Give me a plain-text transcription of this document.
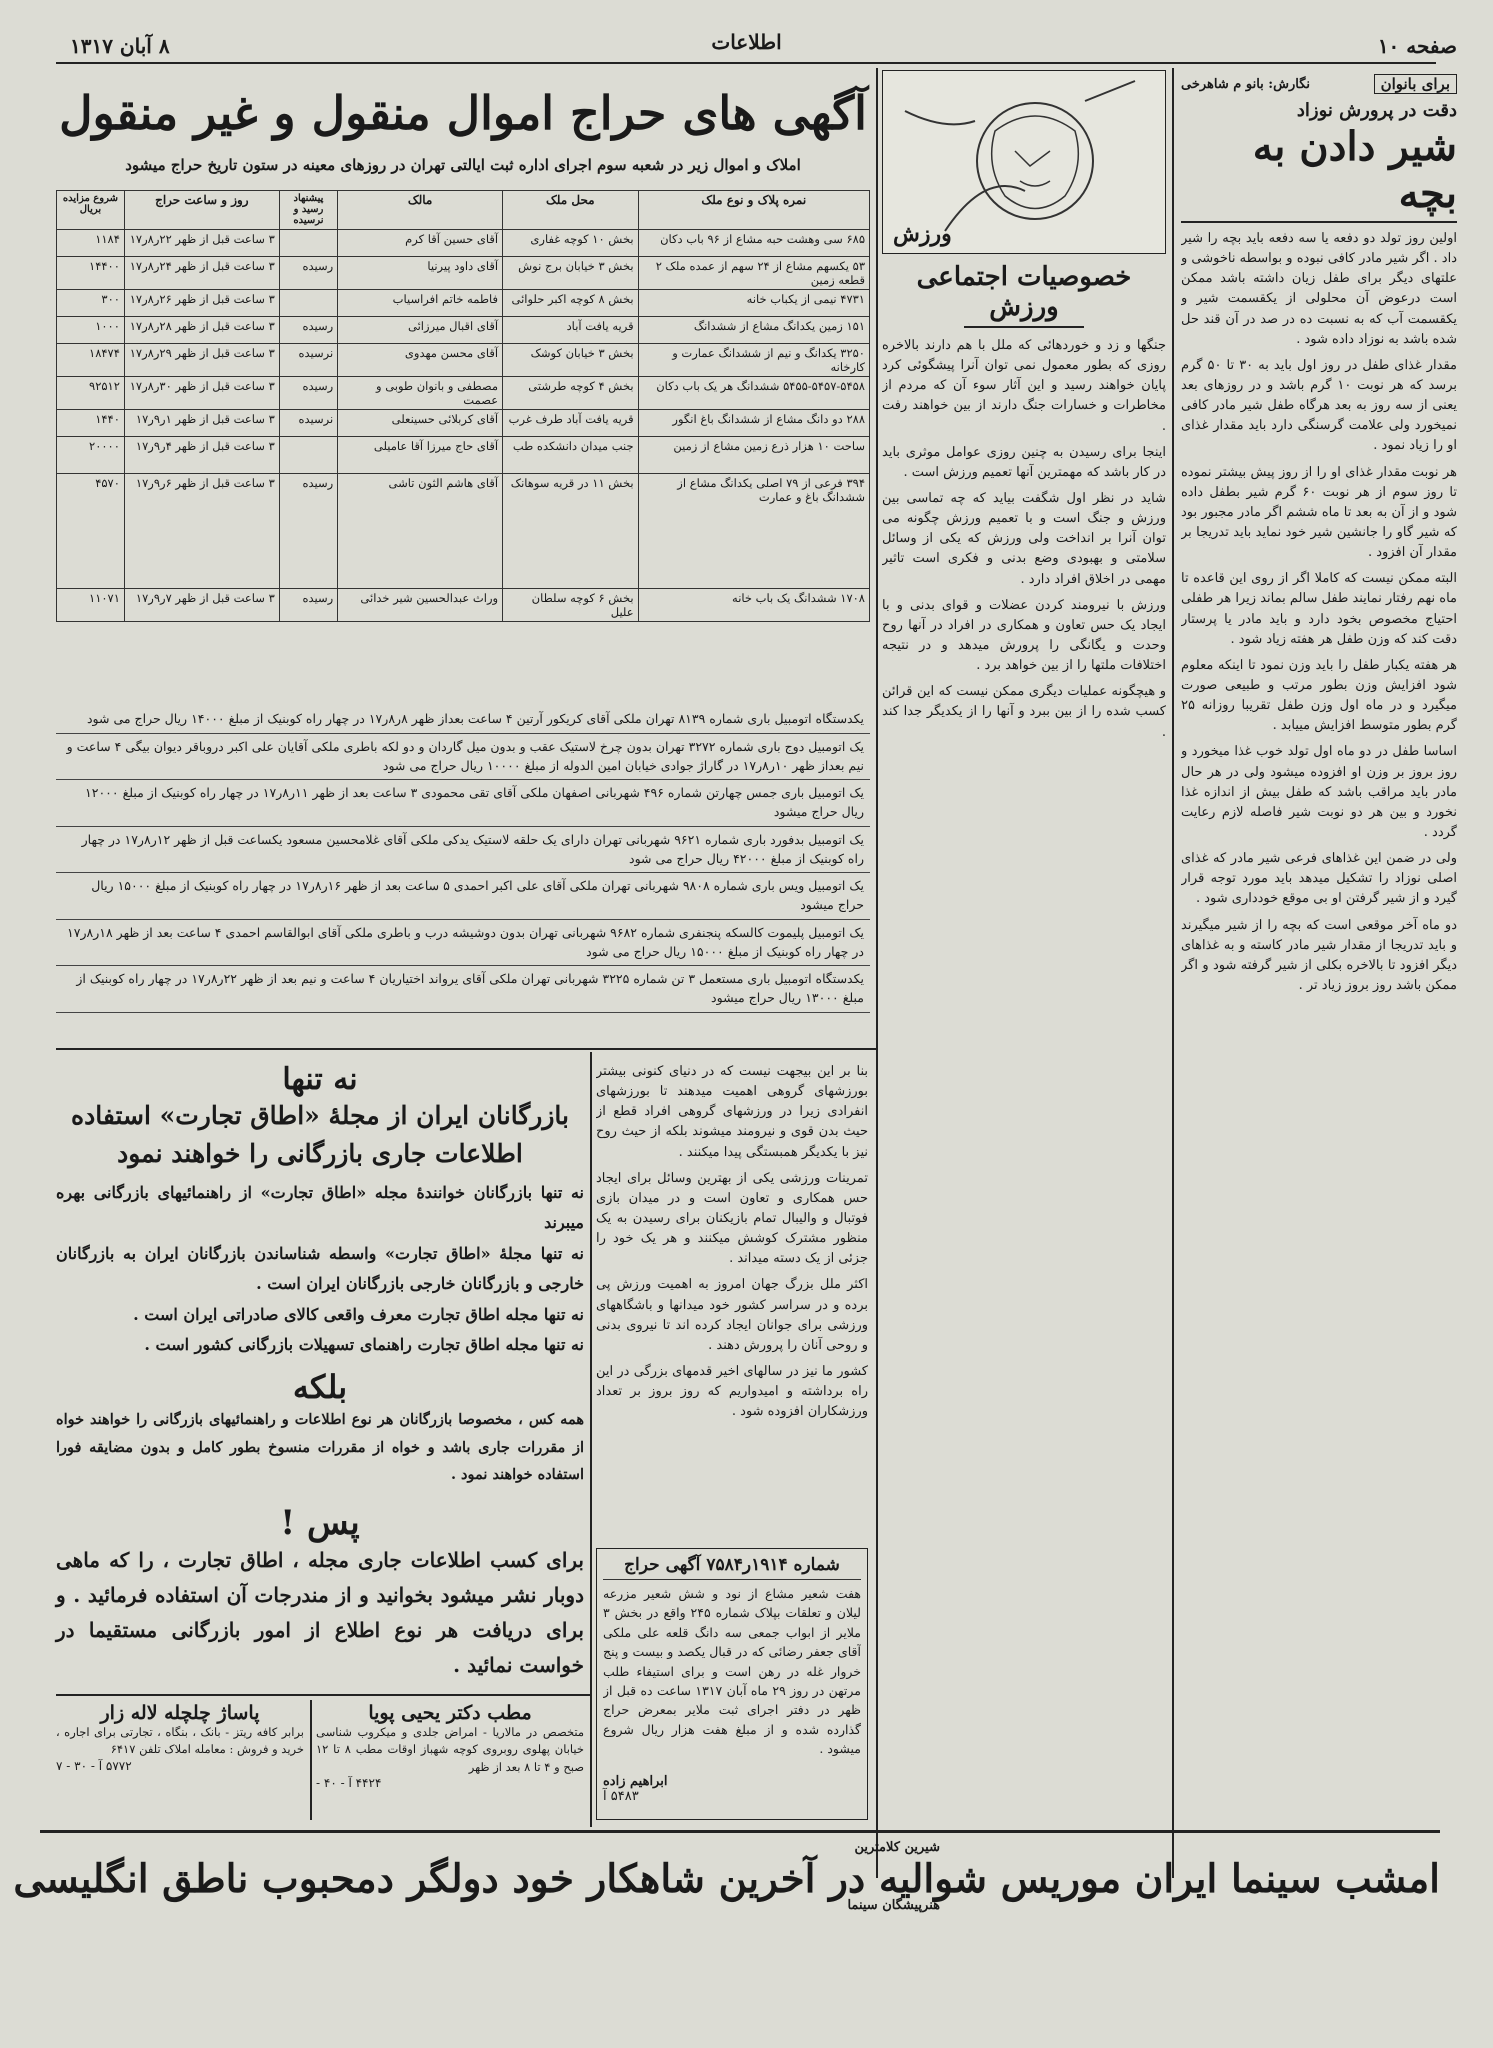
صفحه ۱۰
اطلاعات
۸ آبان ۱۳۱۷
برای بانوان
نگارش: بانو م شاهرخی
دقت در پرورش نوزاد
شیر دادن به بچه

اولین روز تولد دو دفعه یا سه دفعه باید بچه را شیر داد . اگر شیر مادر کافی نبوده و بواسطه ناخوشی و علتهای دیگر برای طفل زیان داشته باشد ممکن است درعوض آن محلولی از یکقسمت شیر و یکقسمت آب که به نسبت ده در صد در آن قند حل شده باشد به نوزاد داده شود .

مقدار غذای طفل در روز اول باید به ۳۰ تا ۵۰ گرم برسد که هر نوبت ۱۰ گرم باشد و در روزهای بعد یعنی از سه روز به بعد هرگاه طفل شیر مادر کافی نمیخورد ولی علامت گرسنگی دارد باید مقدار غذای او را زیاد نمود .

هر نوبت مقدار غذای او را از روز پیش بیشتر نموده تا روز سوم از هر نوبت ۶۰ گرم شیر بطفل داده شود و از آن به بعد تا ماه ششم اگر مادر مجبور بود که شیر گاو را جانشین شیر خود نماید باید تدریجا بر مقدار آن افزود .

البته ممکن نیست که کاملا اگر از روی این قاعده تا ماه نهم رفتار نمایند طفل سالم بماند زیرا هر طفلی احتیاج مخصوص بخود دارد و باید مادر یا پرستار دقت کند که وزن طفل هر هفته زیاد شود .

هر هفته یکبار طفل را باید وزن نمود تا اینکه معلوم شود افزایش وزن بطور مرتب و طبیعی صورت میگیرد و در ماه اول وزن طفل تقریبا روزانه ۲۵ گرم بطور متوسط افزایش مییابد .

اساسا طفل در دو ماه اول تولد خوب غذا میخورد و روز بروز بر وزن او افزوده میشود ولی در هر حال مادر باید مراقب باشد که طفل بیش از اندازه غذا نخورد و بین هر دو نوبت شیر فاصله لازم رعایت گردد .

ولی در ضمن این غذاهای فرعی شیر مادر که غذای اصلی نوزاد را تشکیل میدهد باید مورد توجه قرار گیرد و از شیر گرفتن او بی موقع خودداری شود .

دو ماه آخر موقعی است که بچه را از شیر میگیرند و باید تدریجا از مقدار شیر مادر کاسته و به غذاهای دیگر افزود تا بالاخره بکلی از شیر گرفته شود و اگر ممکن باشد روز بروز زیاد تر .

ورزش
خصوصیات اجتماعی ورزش

جنگها و زد و خوردهائی که ملل با هم دارند بالاخره روزی که بطور معمول نمی توان آنرا پیشگوئی کرد پایان خواهند رسید و این آثار سوء آن که مردم از مخاطرات و خسارات جنگ دارند از بین خواهند رفت .

اینجا برای رسیدن به چنین روزی عوامل موثری باید در کار باشد که مهمترین آنها تعمیم ورزش است .

شاید در نظر اول شگفت بیاید که چه تماسی بین ورزش و جنگ است و با تعمیم ورزش چگونه می توان آنرا بر انداخت ولی ورزش که یکی از وسائل سلامتی و بهبودی وضع بدنی و فکری است تاثیر مهمی در اخلاق افراد دارد .

ورزش با نیرومند کردن عضلات و قوای بدنی و با ایجاد یک حس تعاون و همکاری در افراد در آنها روح وحدت و یگانگی را پرورش میدهد و در نتیجه اختلافات ملتها را از بین خواهد برد .

و هیچگونه عملیات دیگری ممکن نیست که این قرائن کسب شده را از بین ببرد و آنها را از یکدیگر جدا کند .

بنا بر این بیجهت نیست که در دنیای کنونی بیشتر بورزشهای گروهی اهمیت میدهند تا بورزشهای انفرادی زیرا در ورزشهای گروهی افراد قطع از حیث بدن قوی و نیرومند میشوند بلکه از حیث روح نیز با یکدیگر همبستگی پیدا میکنند .

تمرینات ورزشی یکی از بهترین وسائل برای ایجاد حس همکاری و تعاون است و در میدان بازی فوتبال و والیبال تمام بازیکنان برای رسیدن به یک منظور مشترک کوشش میکنند و هر یک خود را جزئی از یک دسته میداند .

اکثر ملل بزرگ جهان امروز به اهمیت ورزش پی برده و در سراسر کشور خود میدانها و باشگاههای ورزشی برای جوانان ایجاد کرده اند تا نیروی بدنی و روحی آنان را پرورش دهند .

کشور ما نیز در سالهای اخیر قدمهای بزرگی در این راه برداشته و امیدواریم که روز بروز بر تعداد ورزشکاران افزوده شود .

شماره ۱۹۱۴ر۷۵۸۴ آگهی حراج
هفت شعیر مشاع از نود و شش شعیر مزرعه لیلان و تعلقات بپلاک شماره ۲۴۵ واقع در بخش ۳ ملایر از ابواب جمعی سه دانگ قلعه علی ملکی آقای جعفر رضائی که در قبال یکصد و بیست و پنج خروار غله در رهن است و برای استیفاء طلب مرتهن در روز ۲۹ ماه آبان ۱۳۱۷ ساعت ده قبل از ظهر در دفتر اجرای ثبت ملایر بمعرض حراج گذارده شده و از مبلغ هفت هزار ریال شروع میشود .
ابراهیم زاده
۵۴۸۳ آ
آگهی های حراج اموال منقول و غیر منقول
املاک و اموال زیر در شعبه سوم اجرای اداره ثبت ایالتی تهران در روزهای معینه در ستون تاریخ حراج میشود
نمره پلاک و نوع ملک	محل ملک	مالک	پیشنهاد رسید و نرسیده	روز و ساعت حراج	شروع مزایده بریال
۶۸۵ سی وهشت حبه مشاع از ۹۶ باب دکان	بخش ۱۰ کوچه غفاری	آقای حسین آقا کرم		۳ ساعت قبل از ظهر ۲۲ر۸ر۱۷	۱۱۸۴
۵۳ یکسهم مشاع از ۲۴ سهم از عمده ملک ۲ قطعه زمین	بخش ۳ خیابان برج نوش	آقای داود پیرنیا	رسیده	۳ ساعت قبل از ظهر ۲۴ر۸ر۱۷	۱۴۴۰۰
۴۷۳۱ نیمی از یکباب خانه	بخش ۸ کوچه اکبر حلوائی	فاطمه خاتم افراسیاب		۳ ساعت قبل از ظهر ۲۶ر۸ر۱۷	۳۰۰
۱۵۱ زمین یکدانگ مشاع از ششدانگ	قریه یافت آباد	آقای اقبال میرزائی	رسیده	۳ ساعت قبل از ظهر ۲۸ر۸ر۱۷	۱۰۰۰
۳۲۵۰ یکدانگ و نیم از ششدانگ عمارت و کارخانه	بخش ۳ خیابان کوشک	آقای محسن مهدوی	نرسیده	۳ ساعت قبل از ظهر ۲۹ر۸ر۱۷	۱۸۴۷۴
۵۴۵۵-۵۴۵۷-۵۴۵۸ ششدانگ هر یک باب دکان	بخش ۴ کوچه طرشتی	مصطفی و بانوان طوبی و عصمت	رسیده	۳ ساعت قبل از ظهر ۳۰ر۸ر۱۷	۹۲۵۱۲
۲۸۸ دو دانگ مشاع از ششدانگ باغ انگور	قریه یافت آباد طرف غرب	آقای کربلائی حسینعلی	نرسیده	۳ ساعت قبل از ظهر ۱ر۹ر۱۷	۱۴۴۰
ساحت ۱۰ هزار ذرع زمین مشاع از زمین	جنب میدان دانشکده طب	آقای حاج میرزا آقا عامیلی		۳ ساعت قبل از ظهر ۴ر۹ر۱۷	۲۰۰۰۰
۳۹۴ فرعی از ۷۹ اصلی یکدانگ مشاع از ششدانگ باغ و عمارت	بخش ۱۱ در قریه سوهانک	آقای هاشم الثون تاشی	رسیده	۳ ساعت قبل از ظهر ۶ر۹ر۱۷	۴۵۷۰
۱۷۰۸ ششدانگ یک باب خانه	بخش ۶ کوچه سلطان علیل	وراث عبدالحسین شیر خدائی	رسیده	۳ ساعت قبل از ظهر ۷ر۹ر۱۷	۱۱۰۷۱
یکدستگاه اتومبیل باری شماره ۸۱۳۹ تهران ملکی آقای کریکور آرتین ۴ ساعت بعداز ظهر ۸ر۸ر۱۷ در چهار راه کوبنیک از مبلغ ۱۴۰۰۰ ریال حراج می شود
یک اتومبیل دوج باری شماره ۳۲۷۲ تهران بدون چرخ لاستیک عقب و بدون میل گاردان و دو لکه باطری ملکی آقایان علی اکبر دروباقر دیوان بیگی ۴ ساعت و نیم بعداز ظهر ۱۰ر۸ر۱۷ در گاراژ جوادی خیابان امین الدوله از مبلغ ۱۰۰۰۰ ریال حراج می شود
یک اتومبیل باری جمس چهارتن شماره ۴۹۶ شهربانی اصفهان ملکی آقای تقی محمودی ۳ ساعت بعد از ظهر ۱۱ر۸ر۱۷ در چهار راه کوبنیک از مبلغ ۱۲۰۰۰ ریال حراج میشود
یک اتومبیل بدفورد باری شماره ۹۶۲۱ شهربانی تهران دارای یک حلقه لاستیک یدکی ملکی آقای غلامحسین مسعود یکساعت قبل از ظهر ۱۲ر۸ر۱۷ در چهار راه کوبنیک از مبلغ ۴۲۰۰۰ ریال حراج می شود
یک اتومبیل ویس باری شماره ۹۸۰۸ شهربانی تهران ملکی آقای علی اکبر احمدی ۵ ساعت بعد از ظهر ۱۶ر۸ر۱۷ در چهار راه کوبنیک از مبلغ ۱۵۰۰۰ ریال حراج میشود
یک اتومبیل پلیموت کالسکه پنجنفری شماره ۹۶۸۲ شهربانی تهران بدون دوشیشه درب و باطری ملکی آقای ابوالقاسم احمدی ۴ ساعت بعد از ظهر ۱۸ر۸ر۱۷ در چهار راه کوبنیک از مبلغ ۱۵۰۰۰ ریال حراج می شود
یکدستگاه اتومبیل باری مستعمل ۳ تن شماره ۳۲۲۵ شهربانی تهران ملکی آقای یرواند اختیاریان ۴ ساعت و نیم بعد از ظهر ۲۲ر۸ر۱۷ در چهار راه کوبنیک از مبلغ ۱۳۰۰۰ ریال حراج میشود
نه تنها
بازرگانان ایران از مجلهٔ «اطاق تجارت» استفاده
اطلاعات جاری بازرگانی را خواهند نمود
نه تنها بازرگانان خوانندهٔ مجله «اطاق تجارت» از راهنمائیهای بازرگانی بهره میبرند
نه تنها مجلهٔ «اطاق تجارت» واسطه شناساندن بازرگانان ایران به بازرگانان خارجی و بازرگانان خارجی بازرگانان ایران است .
نه تنها مجله اطاق تجارت معرف واقعی کالای صادراتی ایران است .
نه تنها مجله اطاق تجارت راهنمای تسهیلات بازرگانی کشور است .
بلکه
همه کس ، مخصوصا بازرگانان هر نوع اطلاعات و راهنمائیهای بازرگانی را خواهند خواه از مقررات جاری باشد و خواه از مقررات منسوخ بطور کامل و بدون مضایقه فورا استفاده خواهند نمود .
پس !
برای کسب اطلاعات جاری مجله ، اطاق تجارت ، را که ماهی دوبار نشر میشود بخوانید و از مندرجات آن استفاده فرمائید . و برای دریافت هر نوع اطلاع از امور بازرگانی مستقیما در خواست نمائید .
مطب دکتر یحیی پویا
متخصص در مالاریا - امراض جلدی و میکروب شناسی خیابان پهلوی روبروی کوچه شهباز اوقات مطب ۸ تا ۱۲ صبح و ۴ تا ۸ بعد از ظهر
۴۴۲۴ آ - ۴۰ -
پاساژ چلچله لاله زار
برابر کافه ریتز - بانک ، بنگاه ، تجارتی برای اجاره ، خرید و فروش : معامله املاک تلفن ۶۴۱۷
۵۷۷۲ آ - ۳۰ - ۷
شیرین کلامترین
هنرپیشگان سینما
امشب سینما ایران موریس شوالیه در آخرین شاهکار خود دولگر دمحبوب ناطق انگلیسی
